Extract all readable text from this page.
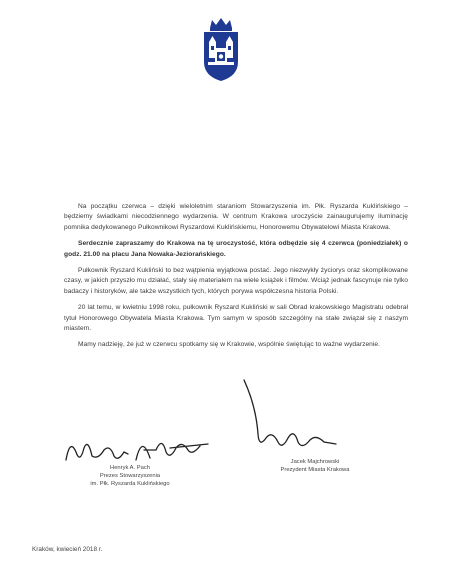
Na początku czerwca – dzięki wieloletnim staraniom Stowarzyszenia im. Płk. Ryszarda Kuklińskiego – będziemy świadkami niecodziennego wydarzenia. W centrum Krakowa uroczyście zainaugurujemy iluminację pomnika dedykowanego Pułkownikowi Ryszardowi Kuklińskiemu, Honorowemu Obywatelowi Miasta Krakowa.

Serdecznie zapraszamy do Krakowa na tę uroczystość, która odbędzie się 4 czerwca (poniedziałek) o godz. 21.00 na placu Jana Nowaka-Jeziorańskiego.

Pułkownik Ryszard Kukliński to bez wątpienia wyjątkowa postać. Jego niezwykły życiorys oraz skomplikowane czasy, w jakich przyszło mu działać, stały się materiałem na wiele książek i filmów. Wciąż jednak fascynuje nie tylko badaczy i historyków, ale także wszystkich tych, których porywa współczesna historia Polski.

20 lat temu, w kwietniu 1998 roku, pułkownik Ryszard Kukliński w sali Obrad krakowskiego Magistratu odebrał tytuł Honorowego Obywatela Miasta Krakowa. Tym samym w sposób szczególny na stałe związał się z naszym miastem.

Mamy nadzieję, że już w czerwcu spotkamy się w Krakowie, wspólnie świętując to ważne wydarzenie.

Henryk A. Pach
Prezes Stowarzyszenia
im. Płk. Ryszarda Kuklińskiego
Jacek Majchrowski
Prezydent Miasta Krakowa
Kraków, kwiecień 2018 r.
